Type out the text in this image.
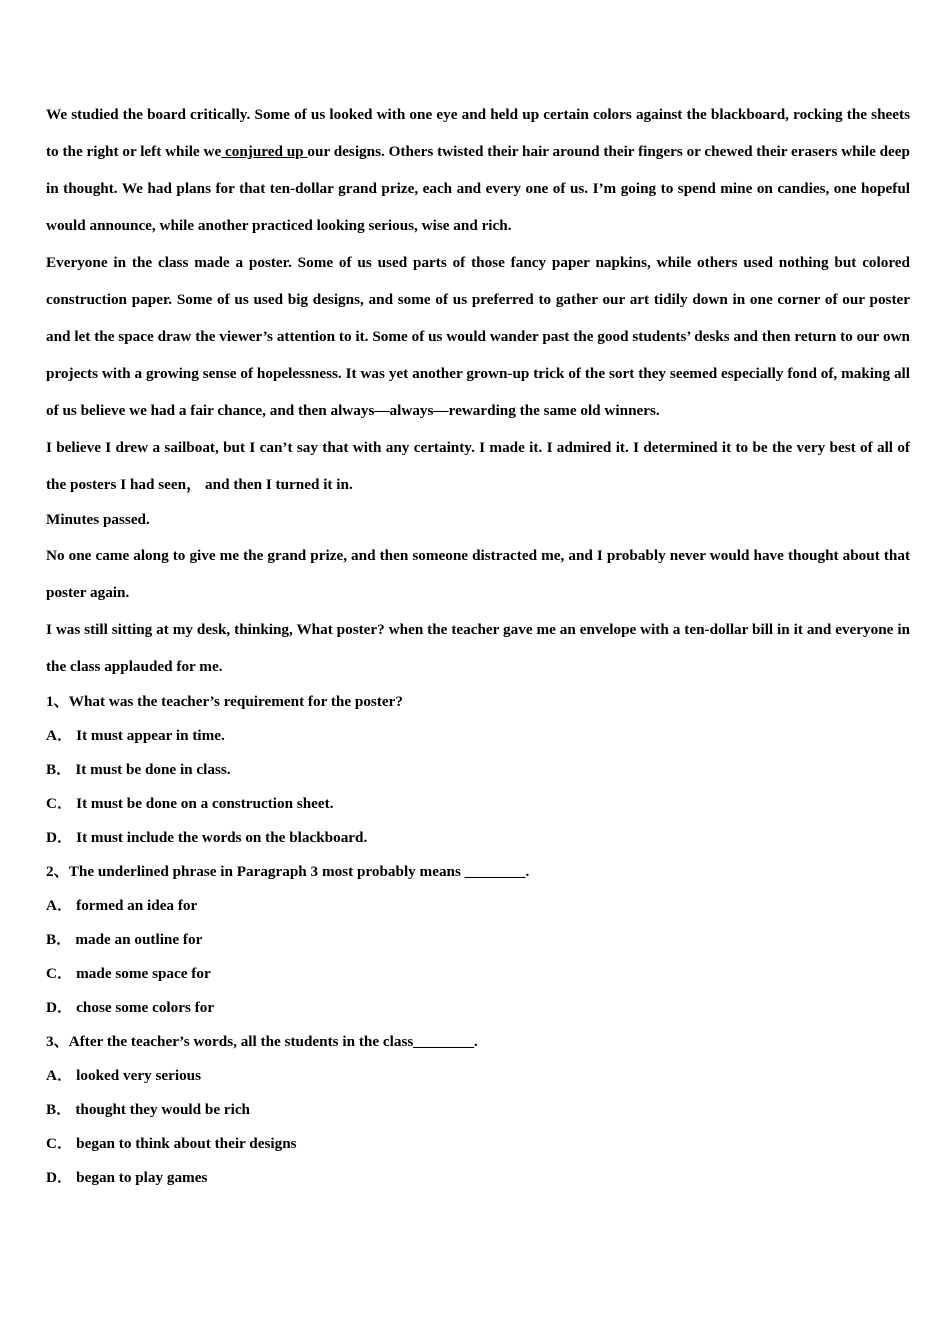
We studied the board critically. Some of us looked with one eye and held up certain colors against the blackboard, rocking the sheets to the right or left while we conjured up our designs. Others twisted their hair around their fingers or chewed their erasers while deep in thought. We had plans for that ten-dollar grand prize, each and every one of us. I’m going to spend mine on candies, one hopeful would announce, while another practiced looking serious, wise and rich.

Everyone in the class made a poster. Some of us used parts of those fancy paper napkins, while others used nothing but colored construction paper. Some of us used big designs, and some of us preferred to gather our art tidily down in one corner of our poster and let the space draw the viewer’s attention to it. Some of us would wander past the good students’ desks and then return to our own projects with a growing sense of hopelessness. It was yet another grown-up trick of the sort they seemed especially fond of, making all of us believe we had a fair chance, and then always—always—rewarding the same old winners.

I believe I drew a sailboat, but I can’t say that with any certainty. I made it. I admired it. I determined it to be the very best of all of the posters I had seen， and then I turned it in.

Minutes passed.

No one came along to give me the grand prize, and then someone distracted me, and I probably never would have thought about that poster again.

I was still sitting at my desk, thinking, What poster? when the teacher gave me an envelope with a ten-dollar bill in it and everyone in the class applauded for me.

1、What was the teacher’s requirement for the poster?

A． It must appear in time.

B． It must be done in class.

C． It must be done on a construction sheet.

D． It must include the words on the blackboard.

2、The underlined phrase in Paragraph 3 most probably means ________.

A． formed an idea for

B． made an outline for

C． made some space for

D． chose some colors for

3、After the teacher’s words, all the students in the class________.

A． looked very serious

B． thought they would be rich

C． began to think about their designs

D． began to play games
